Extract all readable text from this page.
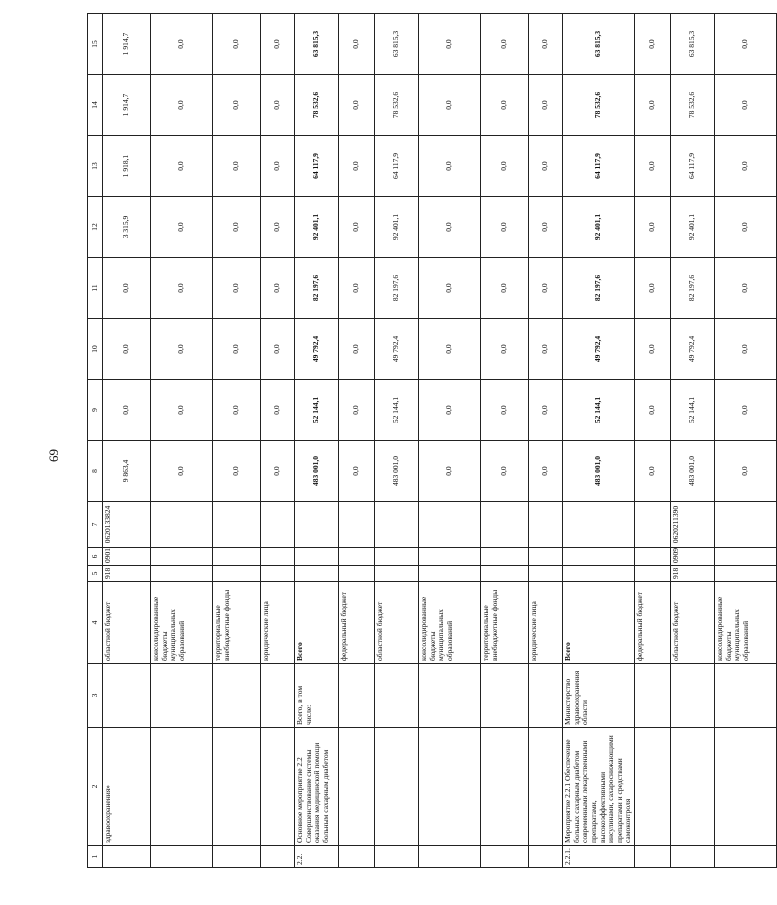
69
1	2	3	4	5	6	7	8	9	10	11	12	13	14	15
	здравоохранения»		областной бюджет	918	0901	0620133824	9 863,4	0,0	0,0	0,0	3 315,9	1 918,1	1 914,7	1 914,7
			консолидированные бюджеты муниципальных образований				0,0	0,0	0,0	0,0	0,0	0,0	0,0	0,0
			территориальные внебюджетные фонды				0,0	0,0	0,0	0,0	0,0	0,0	0,0	0,0
			юридические лица				0,0	0,0	0,0	0,0	0,0	0,0	0,0	0,0
2.2.	Основное мероприятие 2.2 Совершенствование системы оказания медицинской помощи больным сахарным диабетом	Всего, в том числе:	Всего				483 001,0	52 144,1	49 792,4	82 197,6	92 401,1	64 117,9	78 532,6	63 815,3
			федеральный бюджет				0,0	0,0	0,0	0,0	0,0	0,0	0,0	0,0
			областной бюджет				483 001,0	52 144,1	49 792,4	82 197,6	92 401,1	64 117,9	78 532,6	63 815,3
			консолидированные бюджеты муниципальных образований				0,0	0,0	0,0	0,0	0,0	0,0	0,0	0,0
			территориальные внебюджетные фонды				0,0	0,0	0,0	0,0	0,0	0,0	0,0	0,0
			юридические лица				0,0	0,0	0,0	0,0	0,0	0,0	0,0	0,0
2.2.1.	Мероприятие 2.2.1 Обеспечение больных сахарным диабетом современными лекарственными препаратами, высокоэффективными инсулинами, сахароснижающими препаратами и средствами самоконтроля	Министерство здравоохранения области	Всего				483 001,0	52 144,1	49 792,4	82 197,6	92 401,1	64 117,9	78 532,6	63 815,3
			федеральный бюджет				0,0	0,0	0,0	0,0	0,0	0,0	0,0	0,0
			областной бюджет	918	0909	0620211390	483 001,0	52 144,1	49 792,4	82 197,6	92 401,1	64 117,9	78 532,6	63 815,3
			консолидированные бюджеты муниципальных образований				0,0	0,0	0,0	0,0	0,0	0,0	0,0	0,0
